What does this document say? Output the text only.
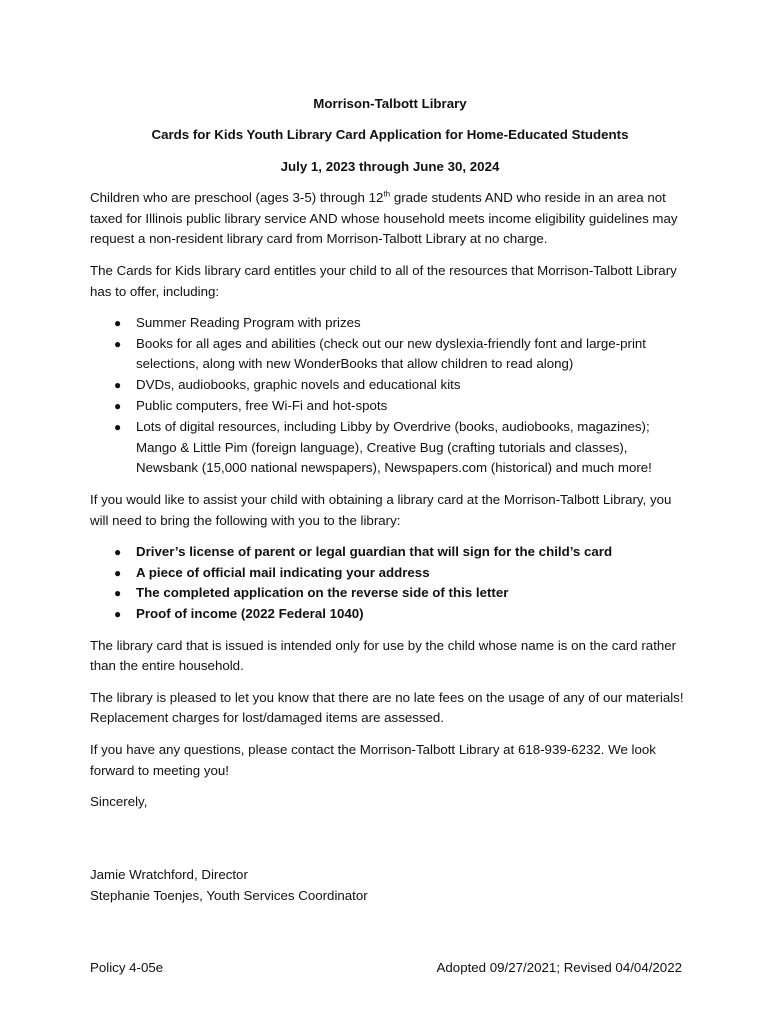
Morrison-Talbott Library
Cards for Kids Youth Library Card Application for Home-Educated Students
July 1, 2023 through June 30, 2024

Children who are preschool (ages 3-5) through 12th grade students AND who reside in an area not taxed for Illinois public library service AND whose household meets income eligibility guidelines may request a non-resident library card from Morrison-Talbott Library at no charge.

The Cards for Kids library card entitles your child to all of the resources that Morrison-Talbott Library has to offer, including:

● Summer Reading Program with prizes
● Books for all ages and abilities (check out our new dyslexia-friendly font and large-print selections, along with new WonderBooks that allow children to read along)
● DVDs, audiobooks, graphic novels and educational kits
● Public computers, free Wi-Fi and hot-spots
● Lots of digital resources, including Libby by Overdrive (books, audiobooks, magazines); Mango & Little Pim (foreign language), Creative Bug (crafting tutorials and classes), Newsbank (15,000 national newspapers), Newspapers.com (historical) and much more!

If you would like to assist your child with obtaining a library card at the Morrison-Talbott Library, you will need to bring the following with you to the library:

● Driver’s license of parent or legal guardian that will sign for the child’s card
● A piece of official mail indicating your address
● The completed application on the reverse side of this letter
● Proof of income (2022 Federal 1040)

The library card that is issued is intended only for use by the child whose name is on the card rather than the entire household.

The library is pleased to let you know that there are no late fees on the usage of any of our materials! Replacement charges for lost/damaged items are assessed.

If you have any questions, please contact the Morrison-Talbott Library at 618-939-6232. We look forward to meeting you!

Sincerely,

Jamie Wratchford, Director

Stephanie Toenjes, Youth Services Coordinator

Policy 4-05e	Adopted 09/27/2021; Revised 04/04/2022
